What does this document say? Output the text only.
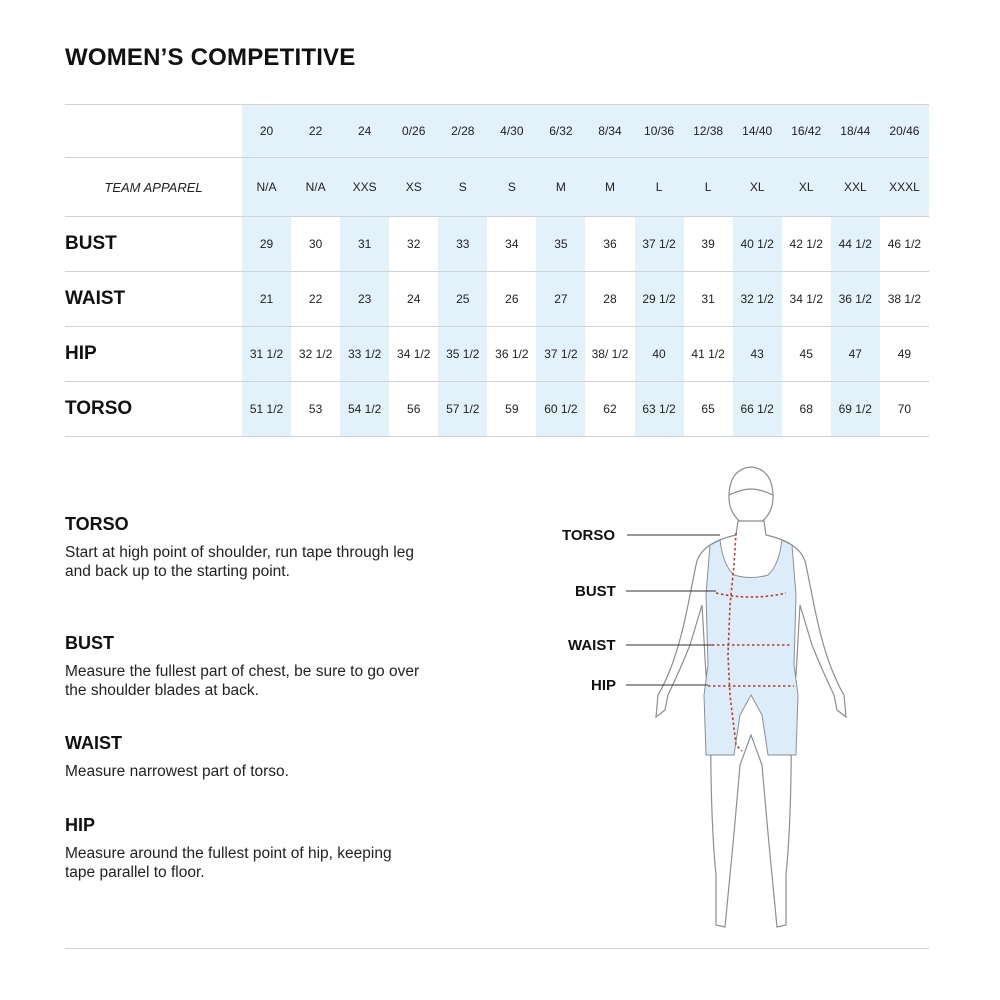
WOMEN’S COMPETITIVE
	20	22	24	0/26	2/28	4/30	6/32	8/34	10/36	12/38	14/40	16/42	18/44	20/46
TEAM APPAREL	N/A	N/A	XXS	XS	S	S	M	M	L	L	XL	XL	XXL	XXXL
BUST	29	30	31	32	33	34	35	36	37 1/2	39	40 1/2	42 1/2	44 1/2	46 1/2
WAIST	21	22	23	24	25	26	27	28	29 1/2	31	32 1/2	34 1/2	36 1/2	38 1/2
HIP	31 1/2	32 1/2	33 1/2	34 1/2	35 1/2	36 1/2	37 1/2	38/ 1/2	40	41 1/2	43	45	47	49
TORSO	51 1/2	53	54 1/2	56	57 1/2	59	60 1/2	62	63 1/2	65	66 1/2	68	69 1/2	70
TORSO

Start at high point of shoulder, run tape through leg and back up to the starting point.

BUST

Measure the fullest part of chest, be sure to go over the shoulder blades at back.

WAIST

Measure narrowest part of torso.

HIP

Measure around the fullest point of hip, keeping tape parallel to floor.

TORSO
BUST
WAIST
HIP
